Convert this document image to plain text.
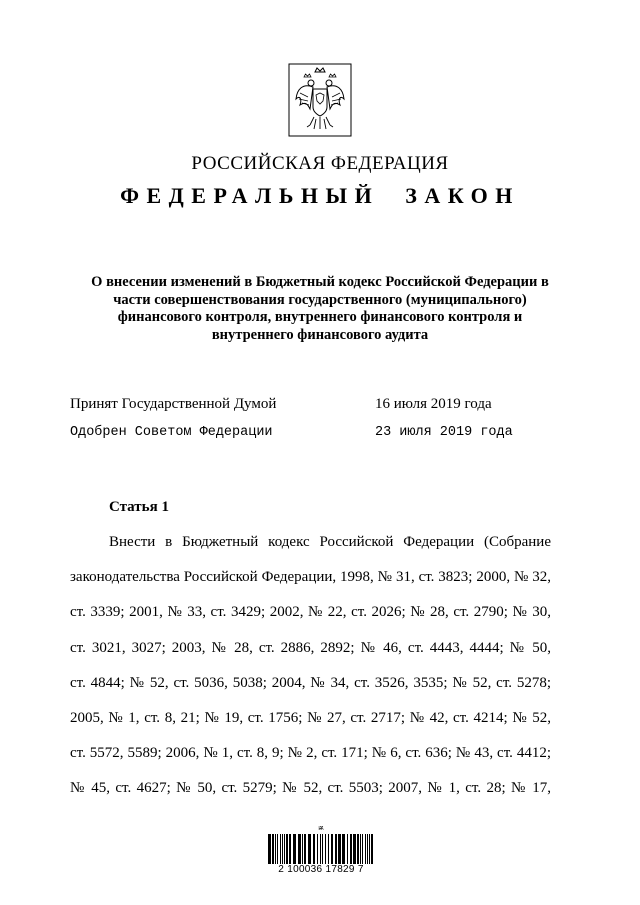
РОССИЙСКАЯ ФЕДЕРАЦИЯ
ФЕДЕРАЛЬНЫЙ ЗАКОН
О внесении изменений в Бюджетный кодекс Российской Федерации в
части совершенствования государственного (муниципального)
финансового контроля, внутреннего финансового контроля и
внутреннего финансового аудита
Принят Государственной Думой	16 июля 2019 года
Одобрен Советом Федерации	23 июля 2019 года
Статья 1
Внести в Бюджетный кодекс Российской Федерации (Собрание
законодательства Российской Федерации, 1998, № 31, ст. 3823; 2000, № 32,
ст. 3339; 2001, № 33, ст. 3429; 2002, № 22, ст. 2026; № 28, ст. 2790; № 30,
ст. 3021, 3027; 2003, № 28, ст. 2886, 2892; № 46, ст. 4443, 4444; № 50,
ст. 4844; № 52, ст. 5036, 5038; 2004, № 34, ст. 3526, 3535; № 52, ст. 5278;
2005, № 1, ст. 8, 21; № 19, ст. 1756; № 27, ст. 2717; № 42, ст. 4214; № 52,
ст. 5572, 5589; 2006, № 1, ст. 8, 9; № 2, ст. 171; № 6, ст. 636; № 43, ст. 4412;
№ 45, ст. 4627; № 50, ст. 5279; № 52, ст. 5503; 2007, № 1, ст. 28; № 17,
Ѭ
2 100036 17829 7
